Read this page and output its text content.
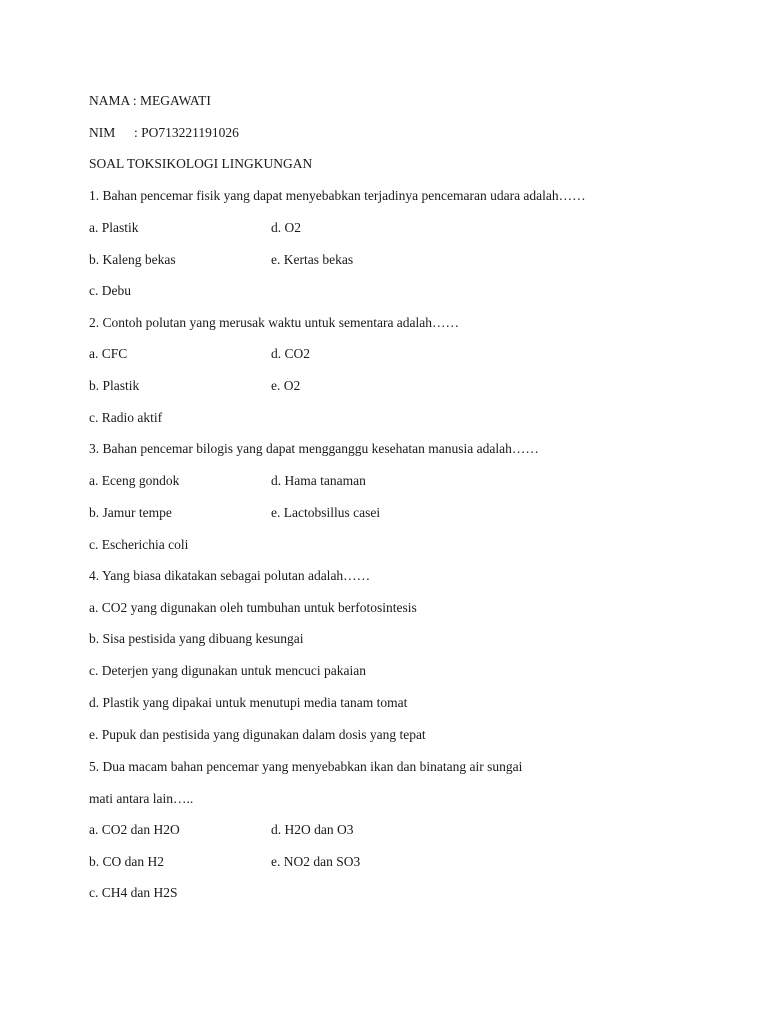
NAMA : MEGAWATI
NIM : PO713221191026
SOAL TOKSIKOLOGI LINGKUNGAN
1. Bahan pencemar fisik yang dapat menyebabkan terjadinya pencemaran udara adalah……
a. Plastik	d. O2
b. Kaleng bekas	e. Kertas bekas
c. Debu
2. Contoh polutan yang merusak waktu untuk sementara adalah……
a. CFC	d. CO2
b. Plastik	e. O2
c. Radio aktif
3. Bahan pencemar bilogis yang dapat mengganggu kesehatan manusia adalah……
a. Eceng gondok	d. Hama tanaman
b. Jamur tempe	e. Lactobsillus casei
c. Escherichia coli
4. Yang biasa dikatakan sebagai polutan adalah……
a. CO2 yang digunakan oleh tumbuhan untuk berfotosintesis
b. Sisa pestisida yang dibuang kesungai
c. Deterjen yang digunakan untuk mencuci pakaian
d. Plastik yang dipakai untuk menutupi media tanam tomat
e. Pupuk dan pestisida yang digunakan dalam dosis yang tepat
5. Dua macam bahan pencemar yang menyebabkan ikan dan binatang air sungai
mati antara lain…..
a. CO2 dan H2O	d. H2O dan O3
b. CO dan H2	e. NO2 dan SO3
c. CH4 dan H2S
